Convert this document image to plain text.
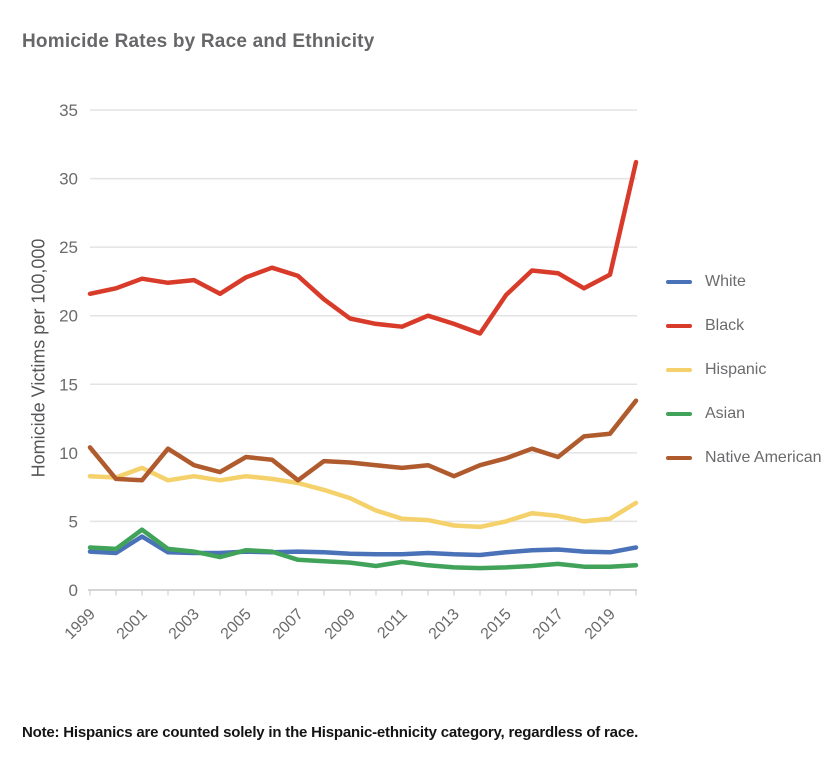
Homicide Rates by Race and Ethnicity
Homicide Victims per 100,000
0
5
10
15
20
25
30
35
1999 2001 2003 2005 2007 2009 2011 2013 2015 2017 2019
White
Black
Hispanic
Asian
Native American
Note: Hispanics are counted solely in the Hispanic-ethnicity category, regardless of race.
